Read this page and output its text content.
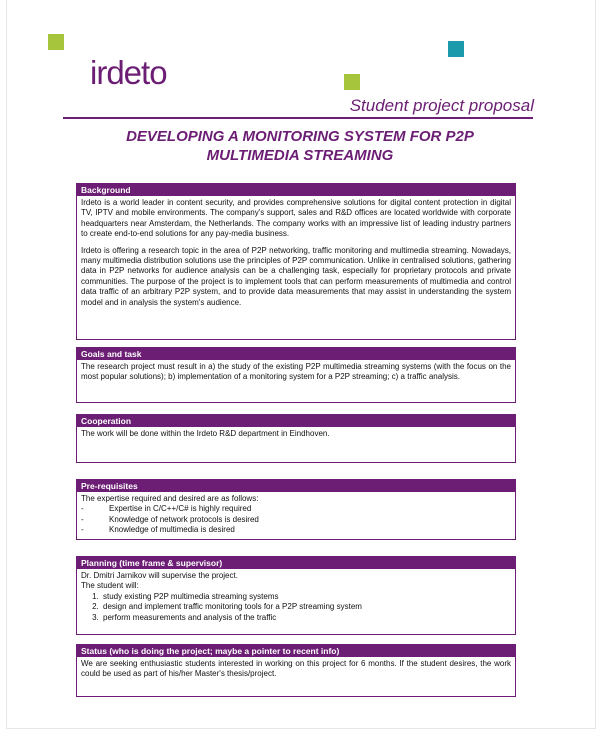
irdeto
Student project proposal
DEVELOPING A MONITORING SYSTEM FOR P2P
MULTIMEDIA STREAMING
Background

Irdeto is a world leader in content security, and provides comprehensive solutions for digital content protection in digital TV, IPTV and mobile environments. The company's support, sales and R&D offices are located worldwide with corporate headquarters near Amsterdam, the Netherlands. The company works with an impressive list of leading industry partners to create end-to-end solutions for any pay-media business.

Irdeto is offering a research topic in the area of P2P networking, traffic monitoring and multimedia streaming. Nowadays, many multimedia distribution solutions use the principles of P2P communication. Unlike in centralised solutions, gathering data in P2P networks for audience analysis can be a challenging task, especially for proprietary protocols and private communities. The purpose of the project is to implement tools that can perform measurements of multimedia and control data traffic of an arbitrary P2P system, and to provide data measurements that may assist in understanding the system model and in analysis the system's audience.

Goals and task
The research project must result in a) the study of the existing P2P multimedia streaming systems (with the focus on the most popular solutions); b) implementation of a monitoring system for a P2P streaming; c) a traffic analysis.
Cooperation
The work will be done within the Irdeto R&D department in Eindhoven.
Pre-requisites
The expertise required and desired are as follows:
- Expertise in C/C++/C# is highly required
- Knowledge of network protocols is desired
- Knowledge of multimedia is desired
Planning (time frame & supervisor)
Dr. Dmitri Jarnikov will supervise the project.
The student will:
1. study existing P2P multimedia streaming systems
2. design and implement traffic monitoring tools for a P2P streaming system
3. perform measurements and analysis of the traffic
Status (who is doing the project; maybe a pointer to recent info)
We are seeking enthusiastic students interested in working on this project for 6 months. If the student desires, the work could be used as part of his/her Master's thesis/project.
